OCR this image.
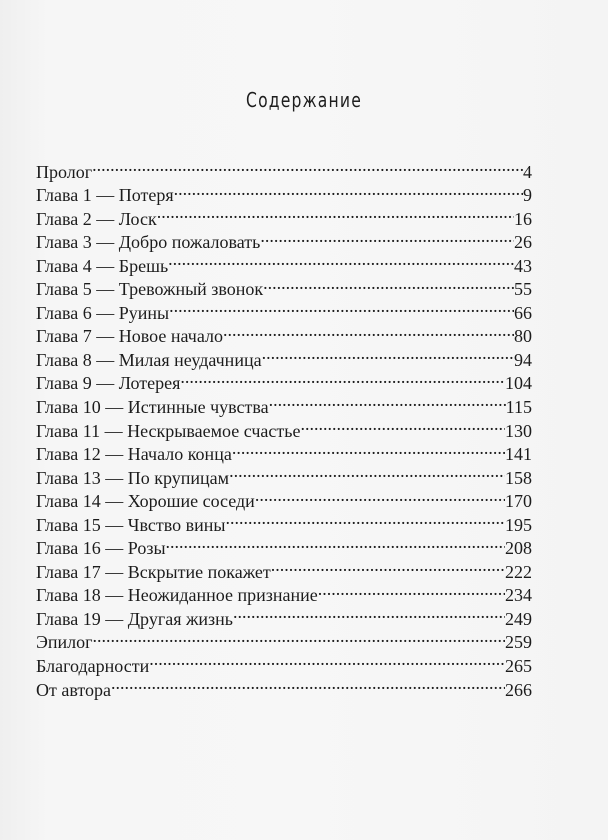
Содержание
Пролог .....	4
Глава 1 — Потеря .....	9
Глава 2 — Лоск .....	16
Глава 3 — Добро пожаловать .....	26
Глава 4 — Брешь .....	43
Глава 5 — Тревожный звонок .....	55
Глава 6 — Руины .....	66
Глава 7 — Новое начало .....	80
Глава 8 — Милая неудачница .....	94
Глава 9 — Лотерея .....	104
Глава 10 — Истинные чувства .....	115
Глава 11 — Нескрываемое счастье .....	130
Глава 12 — Начало конца .....	141
Глава 13 — По крупицам .....	158
Глава 14 — Хорошие соседи .....	170
Глава 15 — Чвство вины .....	195
Глава 16 — Розы .....	208
Глава 17 — Вскрытие покажет .....	222
Глава 18 — Неожиданное признание .....	234
Глава 19 — Другая жизнь .....	249
Эпилог .....	259
Благодарности .....	265
От автора .....	266
